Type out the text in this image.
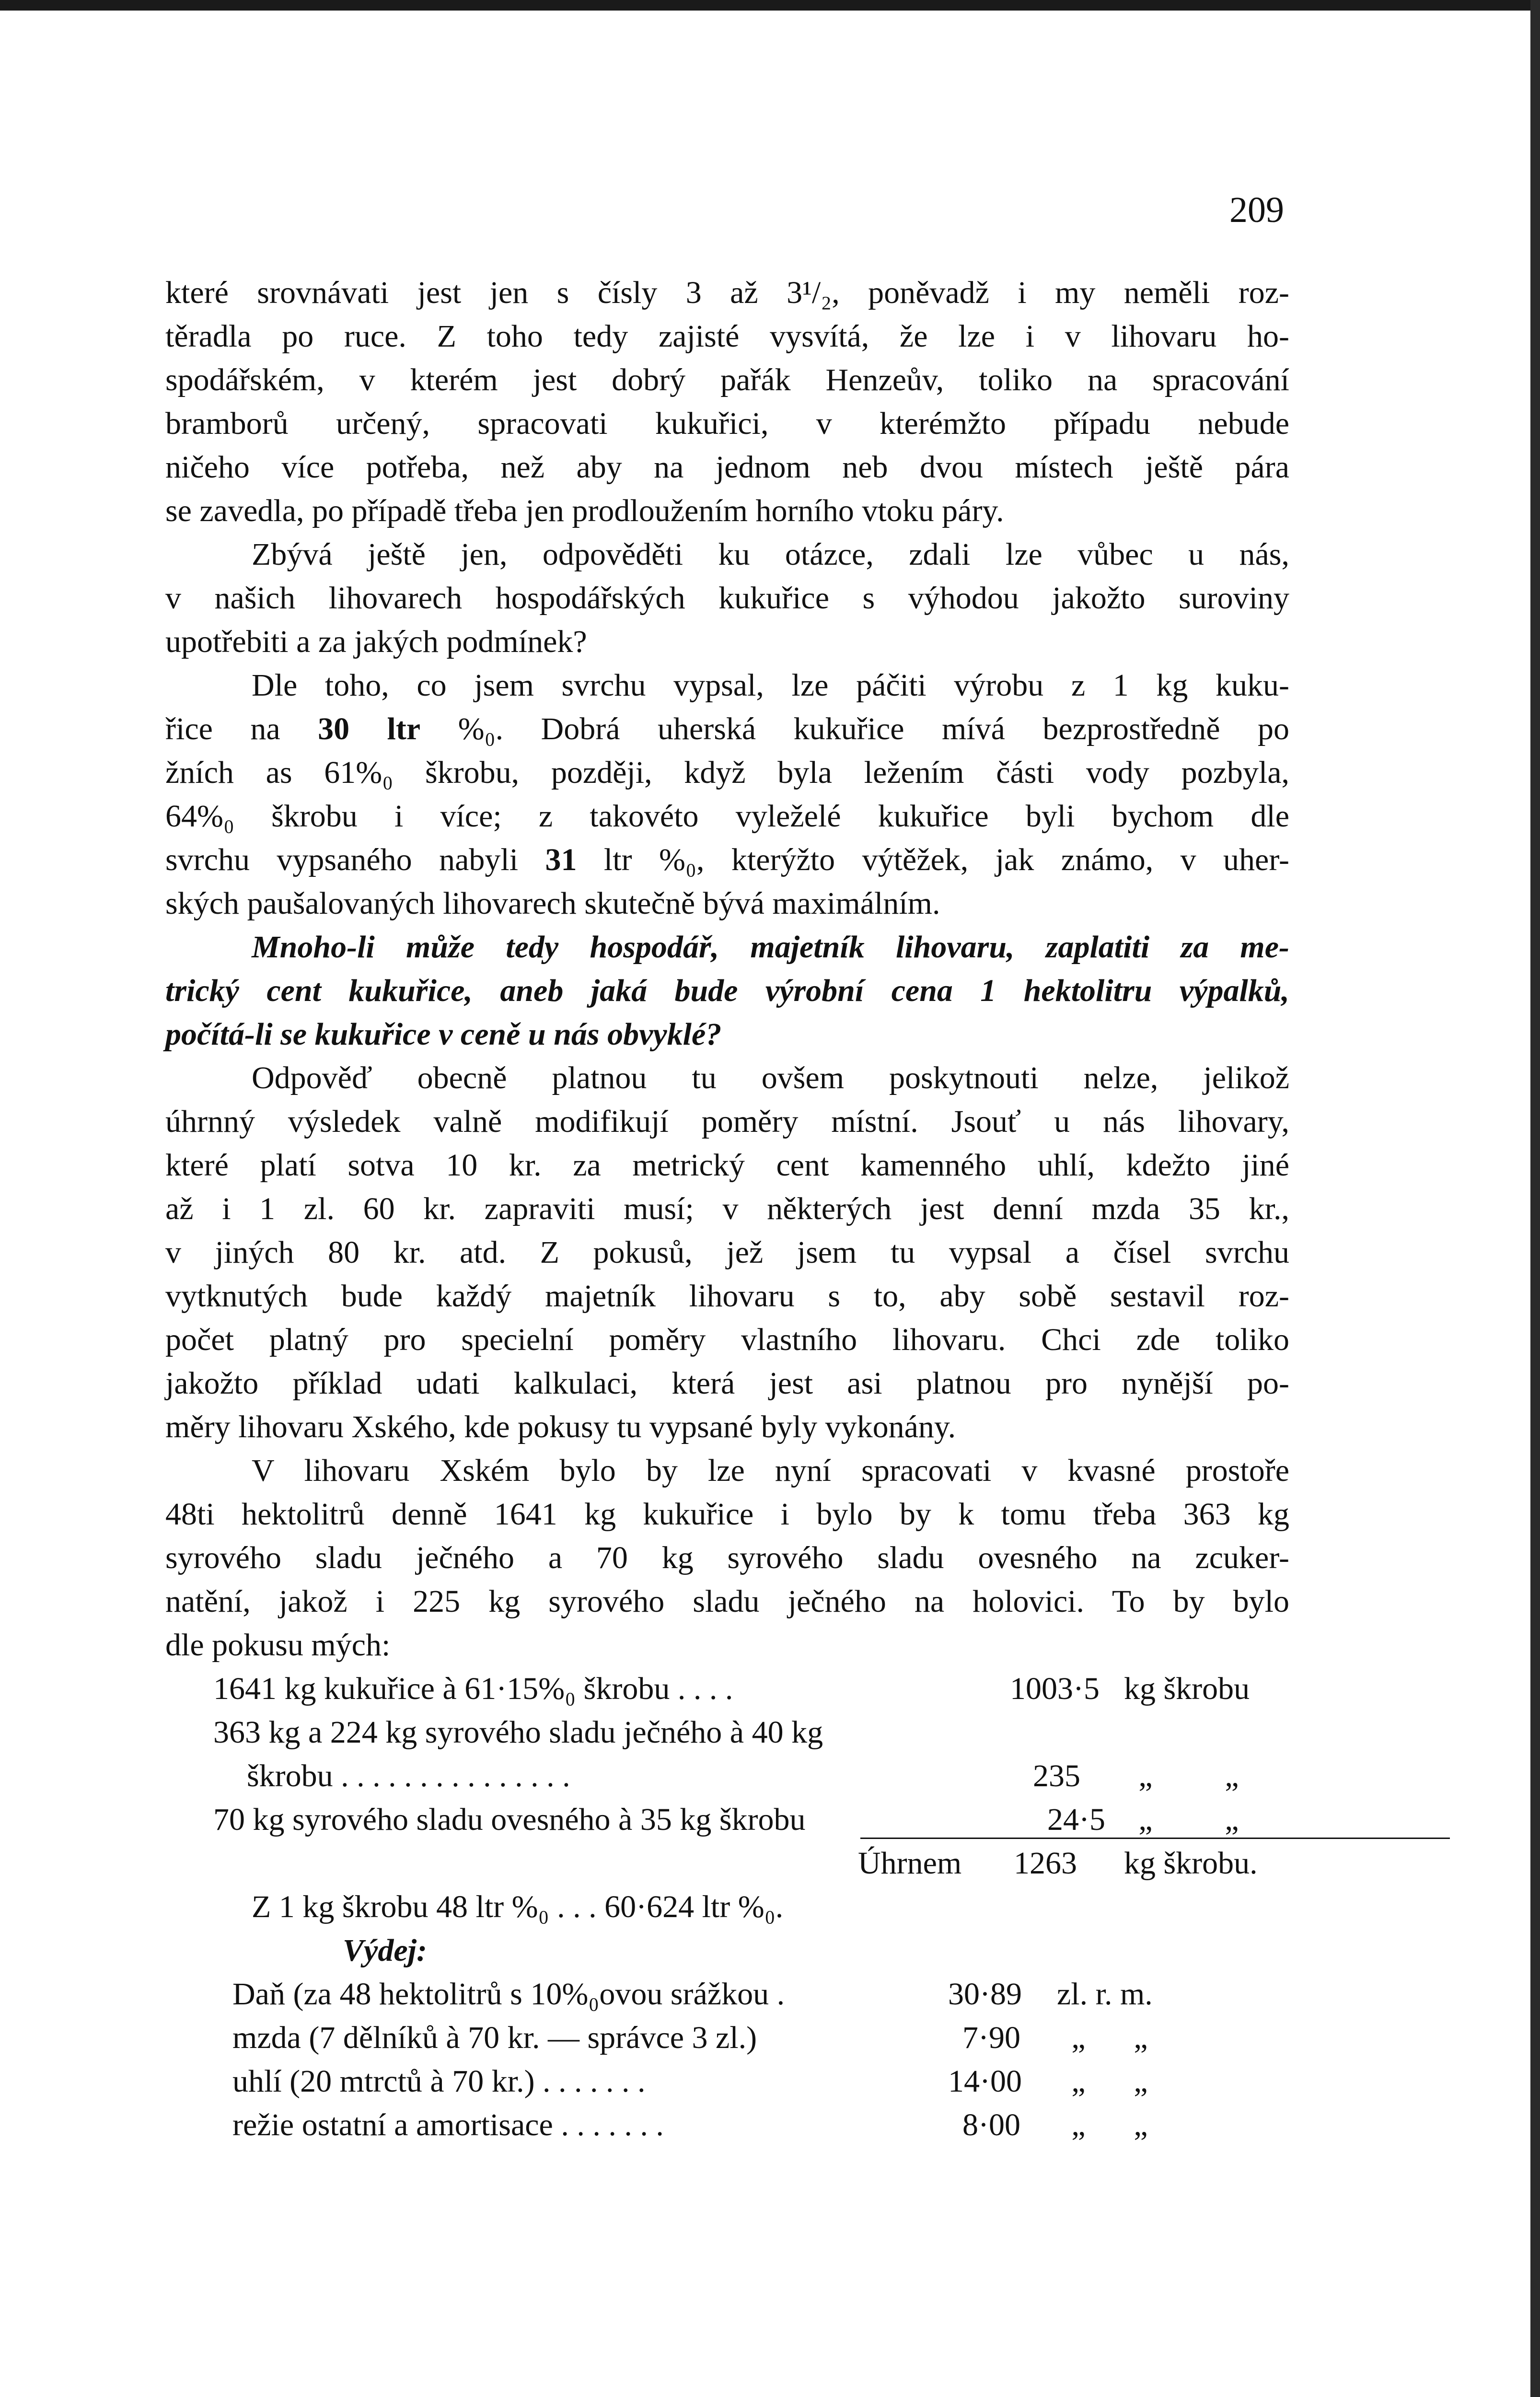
209
které srovnávati jest jen s čísly 3 až 3¹/₂, poněvadž i my neměli roz-
těradla po ruce. Z toho tedy zajisté vysvítá, že lze i v lihovaru ho-
spodářském, v kterém jest dobrý pařák Henzeův, toliko na spracování
bramborů určený, spracovati kukuřici, v kterémžto případu nebude
ničeho více potřeba, než aby na jednom neb dvou místech ještě pára
se zavedla, po případě třeba jen prodloužením horního vtoku páry.
Zbývá ještě jen, odpověděti ku otázce, zdali lze vůbec u nás,
v našich lihovarech hospodářských kukuřice s výhodou jakožto suroviny
upotřebiti a za jakých podmínek?
Dle toho, co jsem svrchu vypsal, lze páčiti výrobu z 1 kg kuku-
řice na 30 ltr %₀. Dobrá uherská kukuřice mívá bezprostředně po
žních as 61%₀ škrobu, později, když byla ležením části vody pozbyla,
64%₀ škrobu i více; z takovéto vyleželé kukuřice byli bychom dle
svrchu vypsaného nabyli 31 ltr %₀, kterýžto výtěžek, jak známo, v uher-
ských paušalovaných lihovarech skutečně bývá maximálním.
Mnoho-li může tedy hospodář, majetník lihovaru, zaplatiti za me-
trický cent kukuřice, aneb jaká bude výrobní cena 1 hektolitru výpalků,
počítá-li se kukuřice v ceně u nás obvyklé?
Odpověď obecně platnou tu ovšem poskytnouti nelze, jelikož
úhrnný výsledek valně modifikují poměry místní. Jsouť u nás lihovary,
které platí sotva 10 kr. za metrický cent kamenného uhlí, kdežto jiné
až i 1 zl. 60 kr. zapraviti musí; v některých jest denní mzda 35 kr.,
v jiných 80 kr. atd. Z pokusů, jež jsem tu vypsal a čísel svrchu
vytknutých bude každý majetník lihovaru s to, aby sobě sestavil roz-
počet platný pro specielní poměry vlastního lihovaru. Chci zde toliko
jakožto příklad udati kalkulaci, která jest asi platnou pro nynější po-
měry lihovaru Xského, kde pokusy tu vypsané byly vykonány.
V lihovaru Xském bylo by lze nyní spracovati v kvasné prostoře
48ti hektolitrů denně 1641 kg kukuřice i bylo by k tomu třeba 363 kg
syrového sladu ječného a 70 kg syrového sladu ovesného na zcuker-
natění, jakož i 225 kg syrového sladu ječného na holovici. To by bylo
dle pokusu mých:
1641 kg kukuřice à 61·15%₀ škrobu . . . .	1003·5 kg škrobu
363 kg a 224 kg syrového sladu ječného à 40 kg
škrobu . . . . . . . . . . . . . . .	235	„	„
70 kg syrového sladu ovesného à 35 kg škrobu	24·5	„	„
Úhrnem 1263 kg škrobu.
Z 1 kg škrobu 48 ltr %₀ . . . 60·624 ltr %₀.
Výdej:
Daň (za 48 hektolitrů s 10%₀ovou srážkou .	30·89 zl. r. m.
mzda (7 dělníků à 70 kr. — správce 3 zl.)	7·90	„	„
uhlí (20 mtrctů à 70 kr.) . . . . . . .	14·00	„	„
režie ostatní a amortisace . . . . . . .	8·00	„	„
